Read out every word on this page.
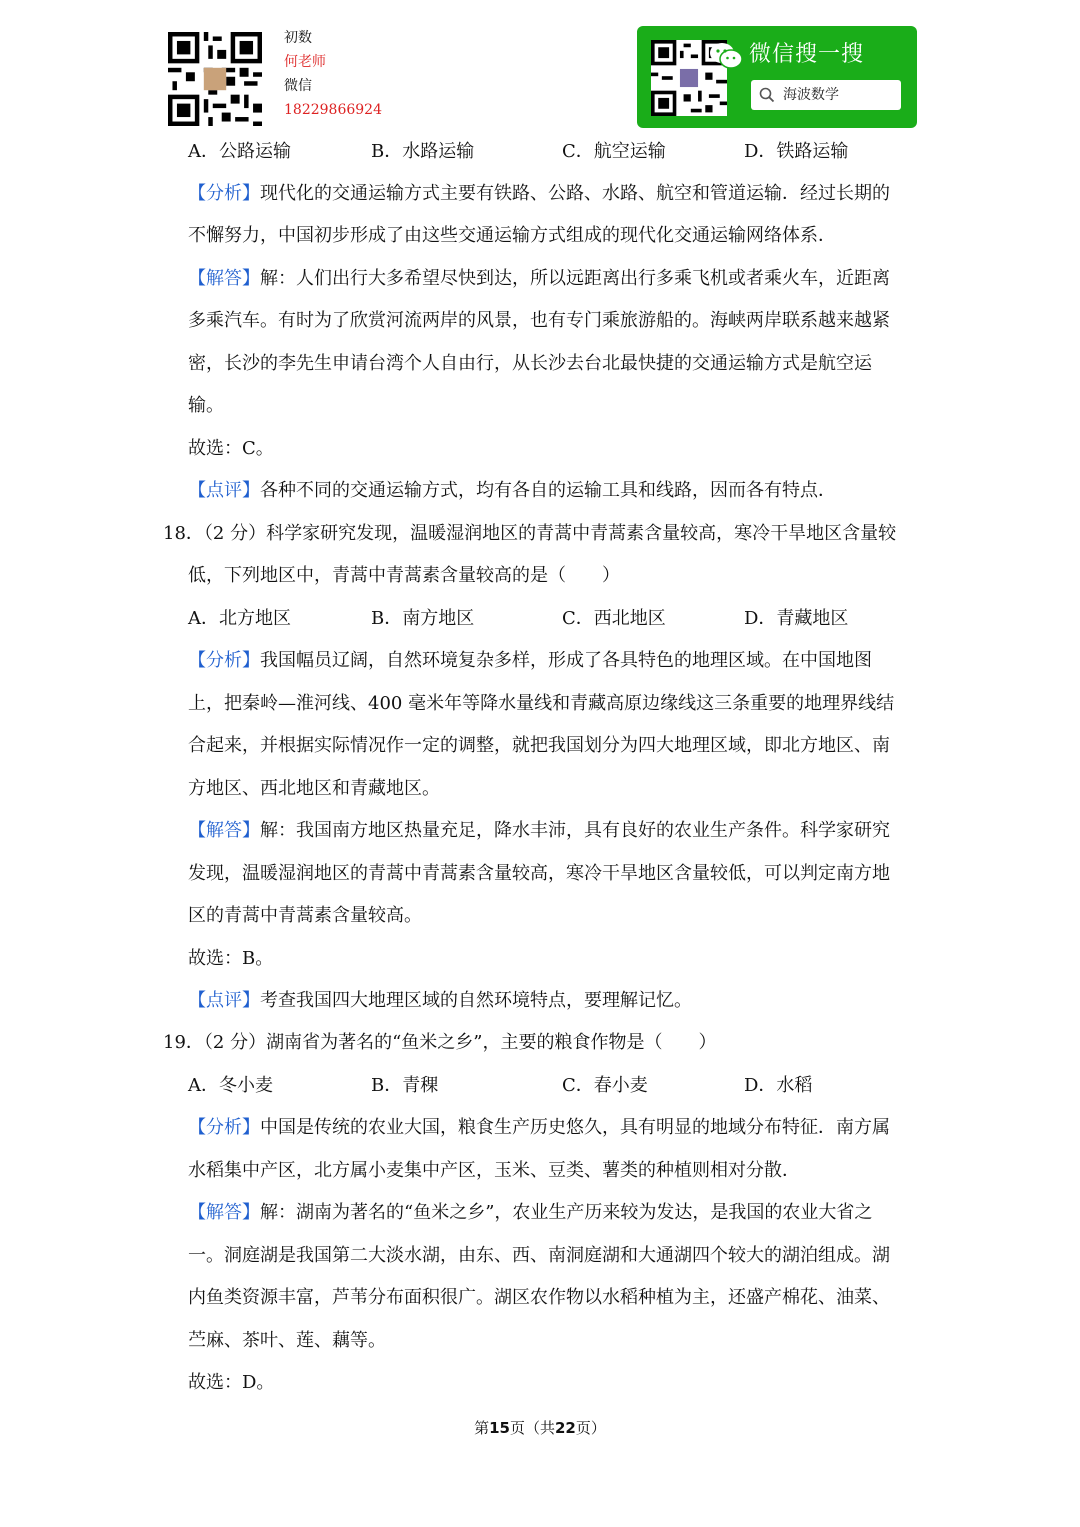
初数
何老师
微信
18229866924
微信搜一搜
海波数学
A．公路运输	B．水路运输	C．航空运输	D．铁路运输
【分析】现代化的交通运输方式主要有铁路、公路、水路、航空和管道运输．经过长期的
不懈努力，中国初步形成了由这些交通运输方式组成的现代化交通运输网络体系．
【解答】解：人们出行大多希望尽快到达，所以远距离出行多乘飞机或者乘火车，近距离
多乘汽车。有时为了欣赏河流两岸的风景，也有专门乘旅游船的。海峡两岸联系越来越紧
密，长沙的李先生申请台湾个人自由行，从长沙去台北最快捷的交通运输方式是航空运
输。
故选：C。
【点评】各种不同的交通运输方式，均有各自的运输工具和线路，因而各有特点．
18．（2 分）科学家研究发现，温暖湿润地区的青蒿中青蒿素含量较高，寒冷干旱地区含量较
低，下列地区中，青蒿中青蒿素含量较高的是（　　）
A．北方地区	B．南方地区	C．西北地区	D．青藏地区
【分析】我国幅员辽阔，自然环境复杂多样，形成了各具特色的地理区域。在中国地图
上，把秦岭—淮河线、400 毫米年等降水量线和青藏高原边缘线这三条重要的地理界线结
合起来，并根据实际情况作一定的调整，就把我国划分为四大地理区域，即北方地区、南
方地区、西北地区和青藏地区。
【解答】解：我国南方地区热量充足，降水丰沛，具有良好的农业生产条件。科学家研究
发现，温暖湿润地区的青蒿中青蒿素含量较高，寒冷干旱地区含量较低，可以判定南方地
区的青蒿中青蒿素含量较高。
故选：B。
【点评】考查我国四大地理区域的自然环境特点，要理解记忆。
19．（2 分）湖南省为著名的“鱼米之乡”，主要的粮食作物是（　　）
A．冬小麦	B．青稞	C．春小麦	D．水稻
【分析】中国是传统的农业大国，粮食生产历史悠久，具有明显的地域分布特征．南方属
水稻集中产区，北方属小麦集中产区，玉米、豆类、薯类的种植则相对分散．
【解答】解：湖南为著名的“鱼米之乡”，农业生产历来较为发达，是我国的农业大省之
一。洞庭湖是我国第二大淡水湖，由东、西、南洞庭湖和大通湖四个较大的湖泊组成。湖
内鱼类资源丰富，芦苇分布面积很广。湖区农作物以水稻种植为主，还盛产棉花、油菜、
苎麻、茶叶、莲、藕等。
故选：D。
第15页（共22页）
